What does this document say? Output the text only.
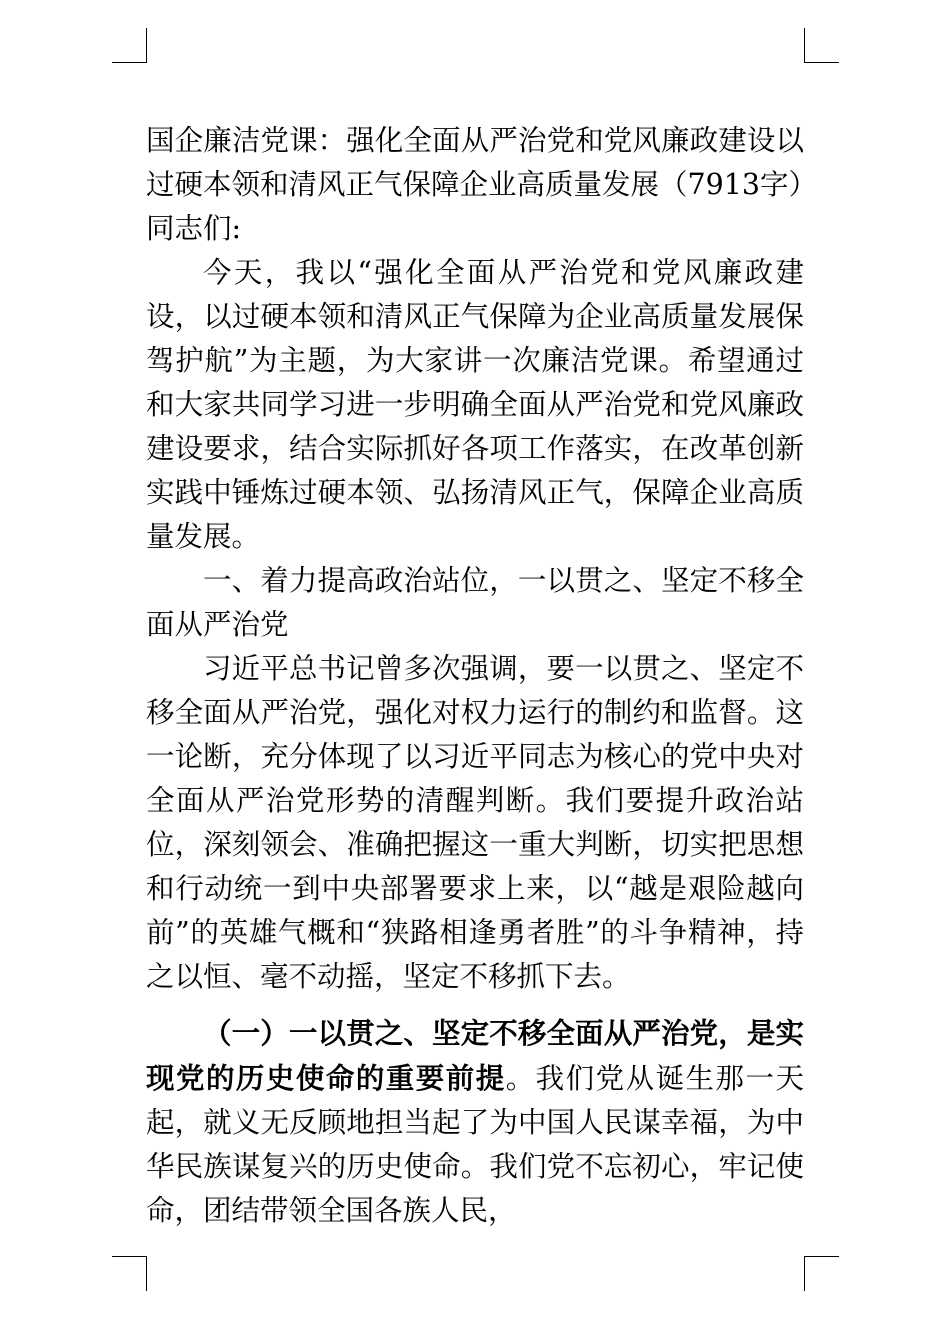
国企廉洁党课：强化全面从严治党和党风廉政建设以过硬本领和清风正气保障企业高质量发展（7913字）

同志们:

今天，我以“强化全面从严治党和党风廉政建设，以过硬本领和清风正气保障为企业高质量发展保驾护航”为主题，为大家讲一次廉洁党课。希望通过和大家共同学习进一步明确全面从严治党和党风廉政建设要求，结合实际抓好各项工作落实，在改革创新实践中锤炼过硬本领、弘扬清风正气，保障企业高质量发展。

一、着力提高政治站位，一以贯之、坚定不移全面从严治党

习近平总书记曾多次强调，要一以贯之、坚定不移全面从严治党，强化对权力运行的制约和监督。这一论断，充分体现了以习近平同志为核心的党中央对全面从严治党形势的清醒判断。我们要提升政治站位，深刻领会、准确把握这一重大判断，切实把思想和行动统一到中央部署要求上来，以“越是艰险越向前”的英雄气概和“狭路相逢勇者胜”的斗争精神，持之以恒、毫不动摇，坚定不移抓下去。

（一）一以贯之、坚定不移全面从严治党，是实现党的历史使命的重要前提。我们党从诞生那一天起，就义无反顾地担当起了为中国人民谋幸福，为中华民族谋复兴的历史使命。我们党不忘初心，牢记使命，团结带领全国各族人民，
